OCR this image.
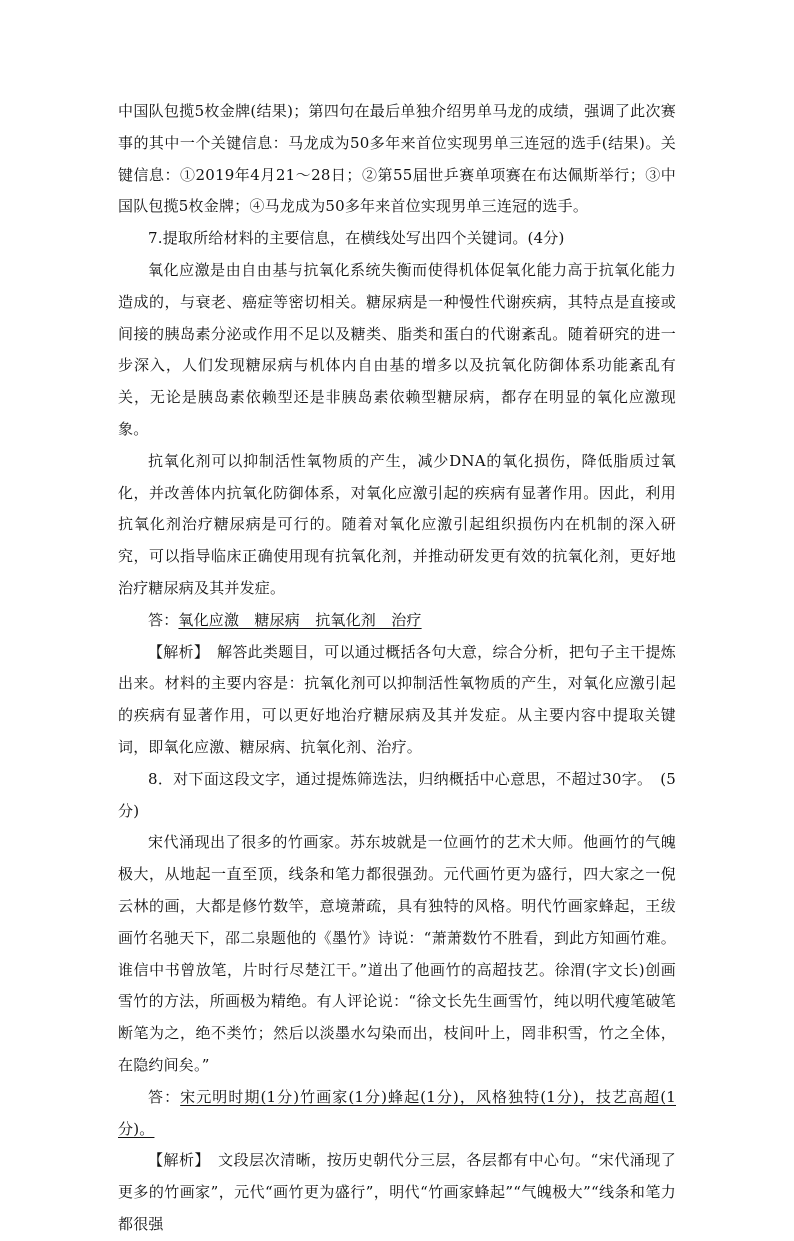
中国队包揽5枚金牌(结果)；第四句在最后单独介绍男单马龙的成绩，强调了此次赛事的其中一个关键信息：马龙成为50多年来首位实现男单三连冠的选手(结果)。关键信息：①2019年4月21～28日；②第55届世乒赛单项赛在布达佩斯举行；③中国队包揽5枚金牌；④马龙成为50多年来首位实现男单三连冠的选手。

7.提取所给材料的主要信息，在横线处写出四个关键词。(4分)

氧化应激是由自由基与抗氧化系统失衡而使得机体促氧化能力高于抗氧化能力造成的，与衰老、癌症等密切相关。糖尿病是一种慢性代谢疾病，其特点是直接或间接的胰岛素分泌或作用不足以及糖类、脂类和蛋白的代谢紊乱。随着研究的进一步深入，人们发现糖尿病与机体内自由基的增多以及抗氧化防御体系功能紊乱有关，无论是胰岛素依赖型还是非胰岛素依赖型糖尿病，都存在明显的氧化应激现象。

抗氧化剂可以抑制活性氧物质的产生，减少DNA的氧化损伤，降低脂质过氧化，并改善体内抗氧化防御体系，对氧化应激引起的疾病有显著作用。因此，利用抗氧化剂治疗糖尿病是可行的。随着对氧化应激引起组织损伤内在机制的深入研究，可以指导临床正确使用现有抗氧化剂，并推动研发更有效的抗氧化剂，更好地治疗糖尿病及其并发症。

答：氧化应激　糖尿病　抗氧化剂　治疗

【解析】　解答此类题目，可以通过概括各句大意，综合分析，把句子主干提炼出来。材料的主要内容是：抗氧化剂可以抑制活性氧物质的产生，对氧化应激引起的疾病有显著作用，可以更好地治疗糖尿病及其并发症。从主要内容中提取关键词，即氧化应激、糖尿病、抗氧化剂、治疗。

8．对下面这段文字，通过提炼筛选法，归纳概括中心意思，不超过30字。　(5分)

宋代涌现出了很多的竹画家。苏东坡就是一位画竹的艺术大师。他画竹的气魄极大，从地起一直至顶，线条和笔力都很强劲。元代画竹更为盛行，四大家之一倪云林的画，大都是修竹数竿，意境萧疏，具有独特的风格。明代竹画家蜂起，王绂画竹名驰天下，邵二泉题他的《墨竹》诗说：“萧萧数竹不胜看，到此方知画竹难。谁信中书曾放笔，片时行尽楚江干。”道出了他画竹的高超技艺。徐渭(字文长)创画雪竹的方法，所画极为精绝。有人评论说：“徐文长先生画雪竹，纯以明代瘦笔破笔断笔为之，绝不类竹；然后以淡墨水勾染而出，枝间叶上，罔非积雪，竹之全体，在隐约间矣。”

答：宋元明时期(1分)竹画家(1分)蜂起(1分)，风格独特(1分)，技艺高超(1分)。

【解析】　文段层次清晰，按历史朝代分三层，各层都有中心句。“宋代涌现了更多的竹画家”，元代“画竹更为盛行”，明代“竹画家蜂起”“气魄极大”“线条和笔力都很强
